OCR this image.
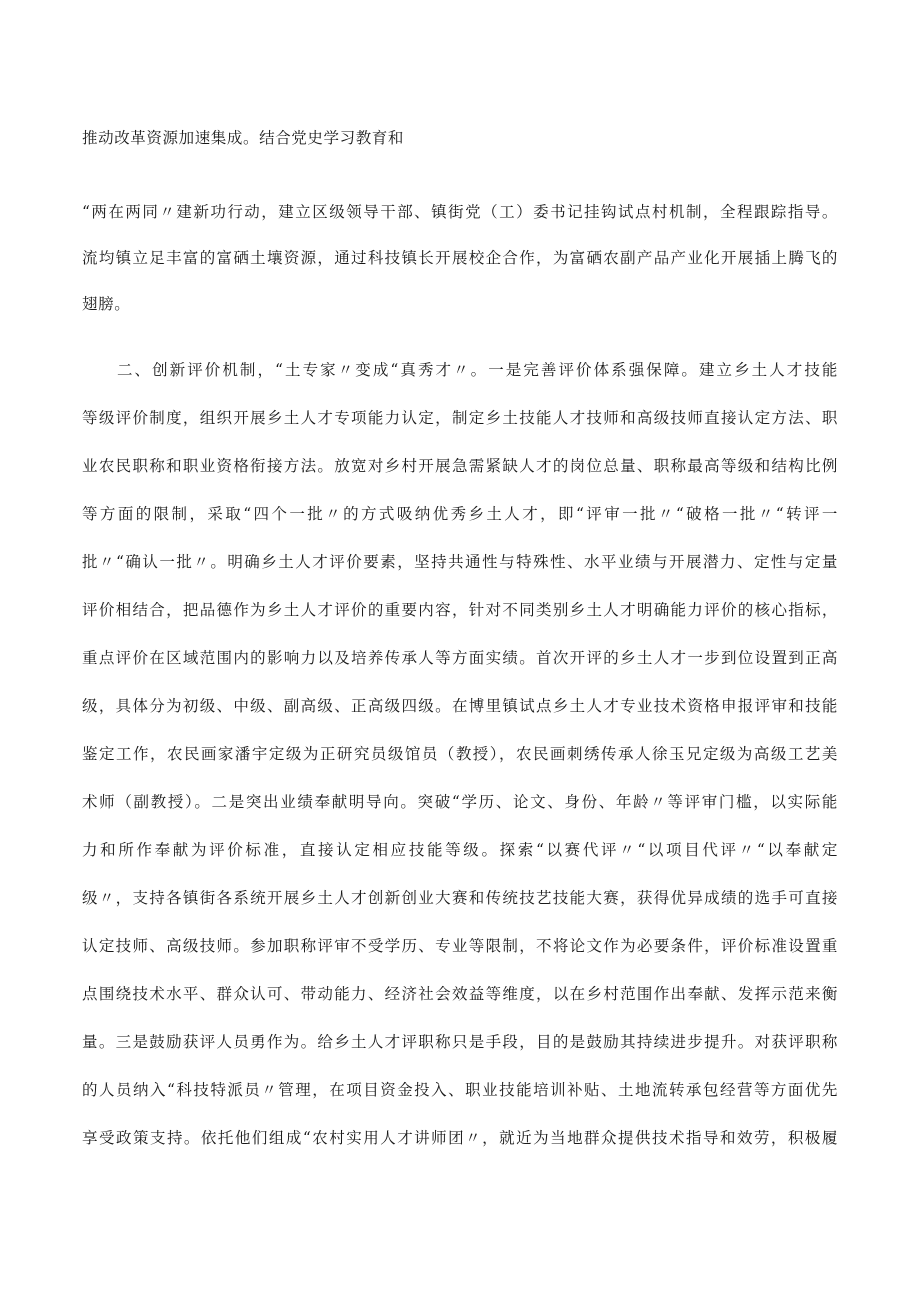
推动改革资源加速集成。结合党史学习教育和
“两在两同〃建新功行动，建立区级领导干部、镇街党（工）委书记挂钩试点村机制，全程跟踪指导。
流均镇立足丰富的富硒土壤资源，通过科技镇长开展校企合作，为富硒农副产品产业化开展插上腾飞的
翅膀。
二、创新评价机制，“土专家〃变成“真秀才〃。一是完善评价体系强保障。建立乡土人才技能
等级评价制度，组织开展乡土人才专项能力认定，制定乡土技能人才技师和高级技师直接认定方法、职
业农民职称和职业资格衔接方法。放宽对乡村开展急需紧缺人才的岗位总量、职称最高等级和结构比例
等方面的限制，采取“四个一批〃的方式吸纳优秀乡土人才，即“评审一批〃“破格一批〃“转评一
批〃“确认一批〃。明确乡土人才评价要素，坚持共通性与特殊性、水平业绩与开展潜力、定性与定量
评价相结合，把品德作为乡土人才评价的重要内容，针对不同类别乡土人才明确能力评价的核心指标，
重点评价在区域范围内的影响力以及培养传承人等方面实绩。首次开评的乡土人才一步到位设置到正高
级，具体分为初级、中级、副高级、正高级四级。在博里镇试点乡土人才专业技术资格申报评审和技能
鉴定工作，农民画家潘宇定级为正研究员级馆员（教授），农民画刺绣传承人徐玉兄定级为高级工艺美
术师（副教授）。二是突出业绩奉献明导向。突破“学历、论文、身份、年龄〃等评审门槛，以实际能
力和所作奉献为评价标准，直接认定相应技能等级。探索“以赛代评〃“以项目代评〃“以奉献定
级〃，支持各镇街各系统开展乡土人才创新创业大赛和传统技艺技能大赛，获得优异成绩的选手可直接
认定技师、高级技师。参加职称评审不受学历、专业等限制，不将论文作为必要条件，评价标准设置重
点围绕技术水平、群众认可、带动能力、经济社会效益等维度，以在乡村范围作出奉献、发挥示范来衡
量。三是鼓励获评人员勇作为。给乡土人才评职称只是手段，目的是鼓励其持续进步提升。对获评职称
的人员纳入“科技特派员〃管理，在项目资金投入、职业技能培训补贴、土地流转承包经营等方面优先
享受政策支持。依托他们组成“农村实用人才讲师团〃，就近为当地群众提供技术指导和效劳，积极履
